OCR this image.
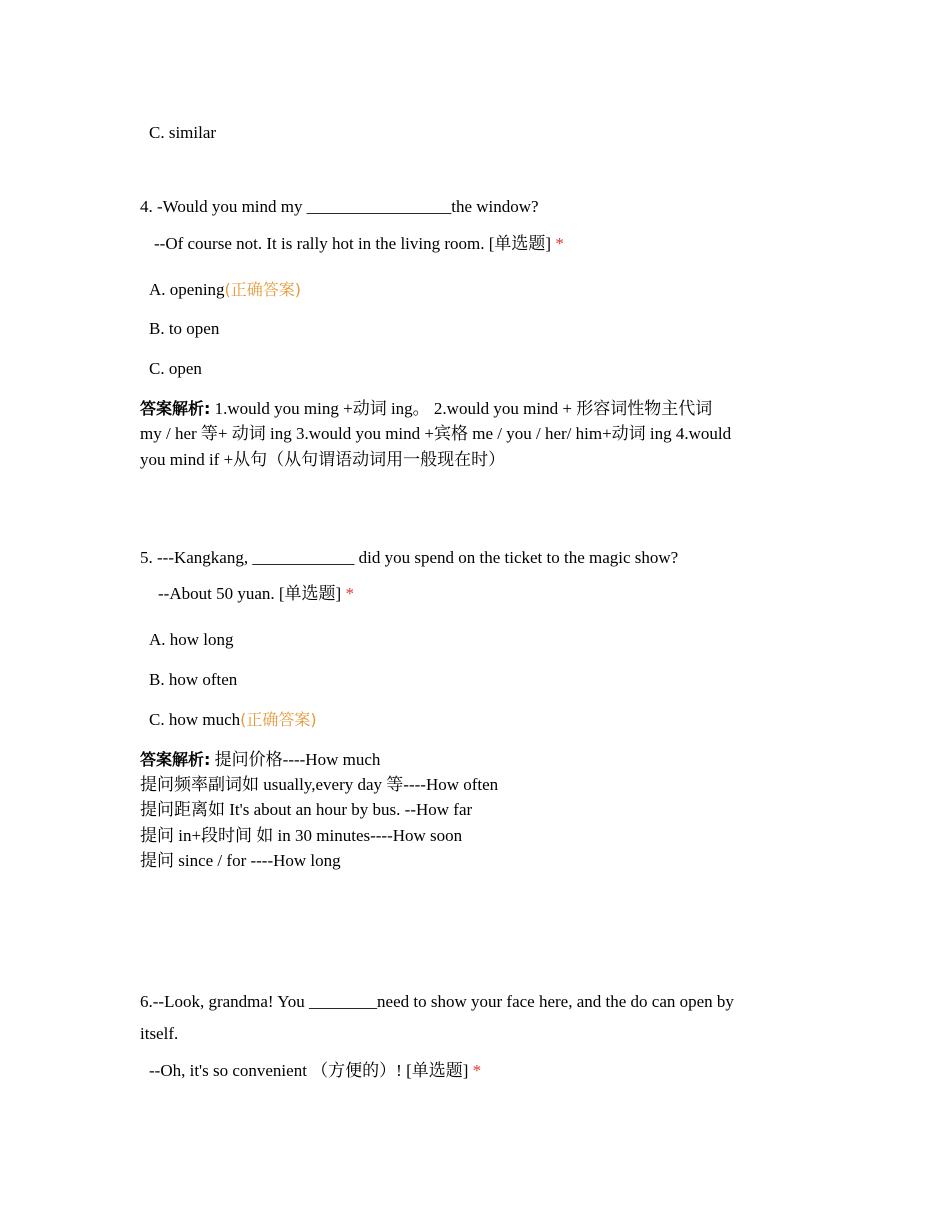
C. similar
4. -Would you mind my _________________the window?
--Of course not. It is rally hot in the living room. [单选题] *
A. opening(正确答案)
B. to open
C. open
答案解析: 1.would you ming +动词 ing。 2.would you mind + 形容词性物主代词
my / her 等+ 动词 ing 3.would you mind +宾格 me / you / her/ him+动词 ing 4.would
you mind if +从句（从句谓语动词用一般现在时）
5. ---Kangkang, ____________ did you spend on the ticket to the magic show?
--About 50 yuan. [单选题] *
A. how long
B. how often
C. how much(正确答案)
答案解析: 提问价格----How much
提问频率副词如 usually,every day 等----How often
提问距离如 It's about an hour by bus. --How far
提问 in+段时间 如 in 30 minutes----How soon
提问 since / for ----How long
6.--Look, grandma! You ________need to show your face here, and the do can open by
itself.
--Oh, it's so convenient （方便的）! [单选题] *
